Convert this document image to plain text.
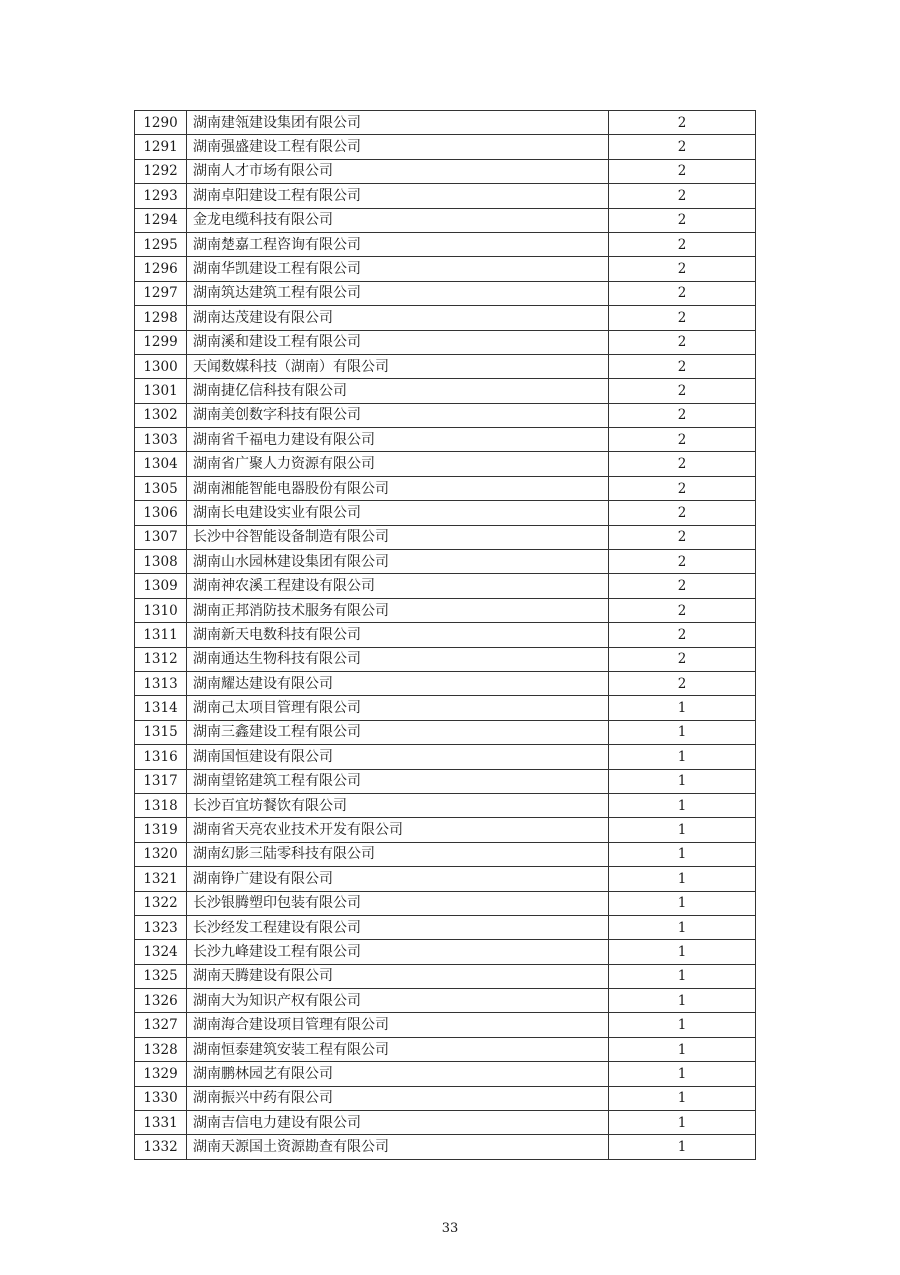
1290	湖南建瓴建设集团有限公司	2
1291	湖南强盛建设工程有限公司	2
1292	湖南人才市场有限公司	2
1293	湖南卓阳建设工程有限公司	2
1294	金龙电缆科技有限公司	2
1295	湖南楚嘉工程咨询有限公司	2
1296	湖南华凯建设工程有限公司	2
1297	湖南筑达建筑工程有限公司	2
1298	湖南达茂建设有限公司	2
1299	湖南溪和建设工程有限公司	2
1300	天闻数媒科技（湖南）有限公司	2
1301	湖南捷亿信科技有限公司	2
1302	湖南美创数字科技有限公司	2
1303	湖南省千福电力建设有限公司	2
1304	湖南省广聚人力资源有限公司	2
1305	湖南湘能智能电器股份有限公司	2
1306	湖南长电建设实业有限公司	2
1307	长沙中谷智能设备制造有限公司	2
1308	湖南山水园林建设集团有限公司	2
1309	湖南神农溪工程建设有限公司	2
1310	湖南正邦消防技术服务有限公司	2
1311	湖南新天电数科技有限公司	2
1312	湖南通达生物科技有限公司	2
1313	湖南耀达建设有限公司	2
1314	湖南己太项目管理有限公司	1
1315	湖南三鑫建设工程有限公司	1
1316	湖南国恒建设有限公司	1
1317	湖南望铭建筑工程有限公司	1
1318	长沙百宜坊餐饮有限公司	1
1319	湖南省天亮农业技术开发有限公司	1
1320	湖南幻影三陆零科技有限公司	1
1321	湖南铮广建设有限公司	1
1322	长沙银腾塑印包装有限公司	1
1323	长沙经发工程建设有限公司	1
1324	长沙九峰建设工程有限公司	1
1325	湖南天腾建设有限公司	1
1326	湖南大为知识产权有限公司	1
1327	湖南海合建设项目管理有限公司	1
1328	湖南恒泰建筑安装工程有限公司	1
1329	湖南鹏林园艺有限公司	1
1330	湖南振兴中药有限公司	1
1331	湖南吉信电力建设有限公司	1
1332	湖南天源国土资源勘查有限公司	1
33
